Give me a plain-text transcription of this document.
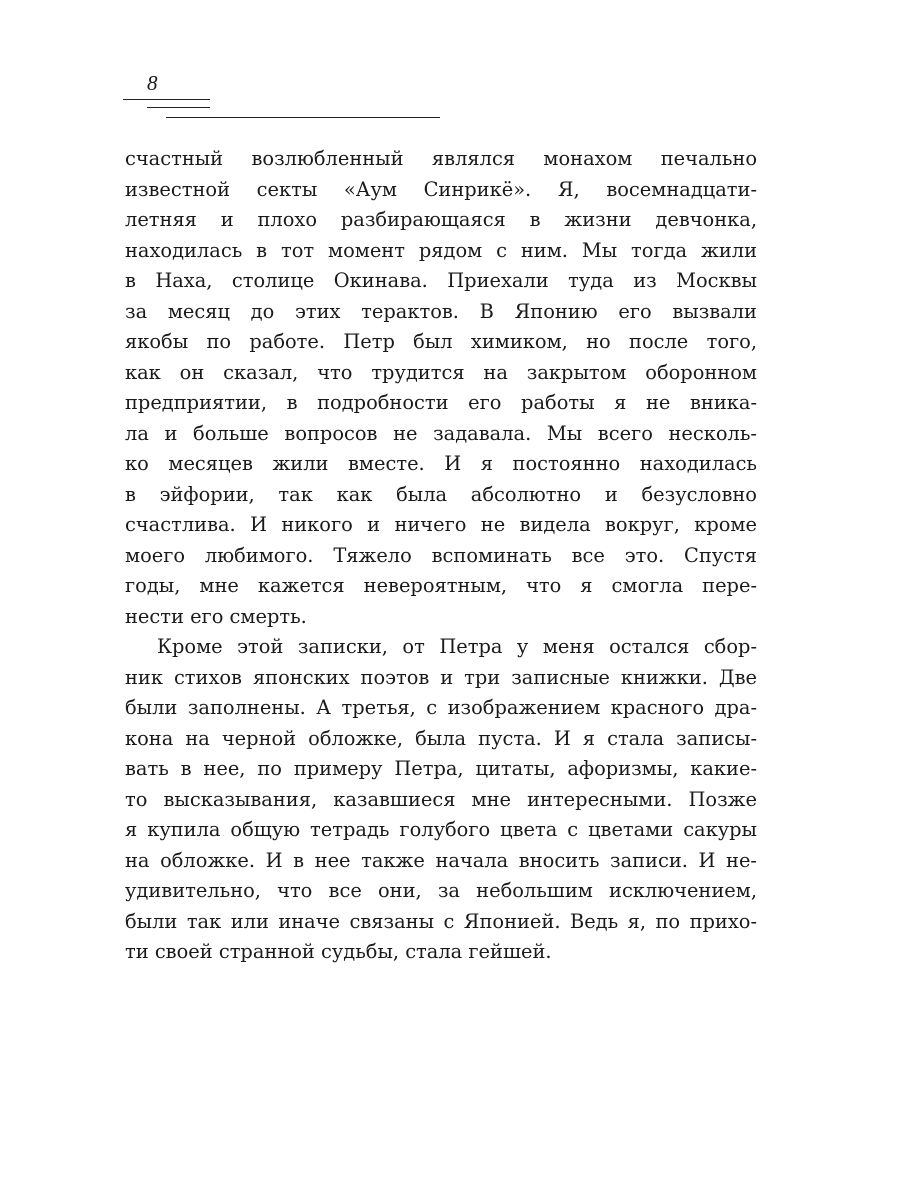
8

счастный возлюбленный являлся монахом печально
известной секты «Аум Синрикё». Я, восемнадцати-
летняя и плохо разбирающаяся в жизни девчонка,
находилась в тот момент рядом с ним. Мы тогда жили
в Наха, столице Окинава. Приехали туда из Москвы
за месяц до этих терактов. В Японию его вызвали
якобы по работе. Петр был химиком, но после того,
как он сказал, что трудится на закрытом оборонном
предприятии, в подробности его работы я не вника-
ла и больше вопросов не задавала. Мы всего несколь-
ко месяцев жили вместе. И я постоянно находилась
в эйфории, так как была абсолютно и безусловно
счастлива. И никого и ничего не видела вокруг, кроме
моего любимого. Тяжело вспоминать все это. Спустя
годы, мне кажется невероятным, что я смогла пере-
нести его смерть.

Кроме этой записки, от Петра у меня остался сбор-
ник стихов японских поэтов и три записные книжки. Две
были заполнены. А третья, с изображением красного дра-
кона на черной обложке, была пуста. И я стала записы-
вать в нее, по примеру Петра, цитаты, афоризмы, какие-
то высказывания, казавшиеся мне интересными. Позже
я купила общую тетрадь голубого цвета с цветами сакуры
на обложке. И в нее также начала вносить записи. И не-
удивительно, что все они, за небольшим исключением,
были так или иначе связаны с Японией. Ведь я, по прихо-
ти своей странной судьбы, стала гейшей.
